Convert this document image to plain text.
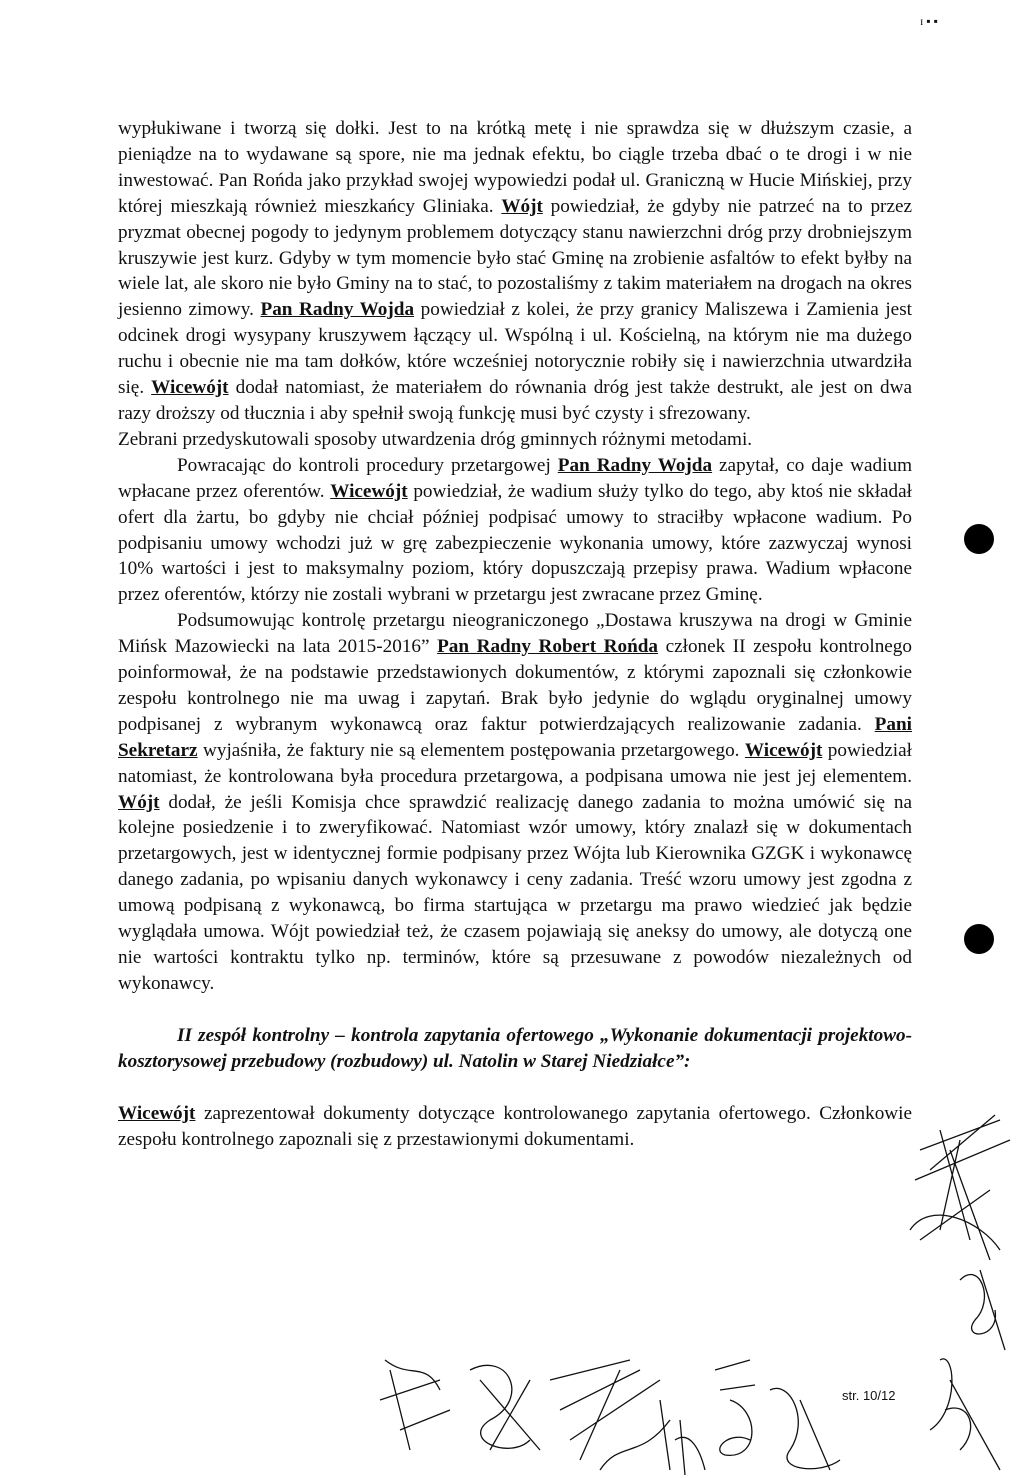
ɪ ▪ ▪

wypłukiwane i tworzą się dołki. Jest to na krótką metę i nie sprawdza się w dłuższym czasie, a pieniądze na to wydawane są spore, nie ma jednak efektu, bo ciągle trzeba dbać o te drogi i w nie inwestować. Pan Rońda jako przykład swojej wypowiedzi podał ul. Graniczną w Hucie Mińskiej, przy której mieszkają również mieszkańcy Gliniaka. Wójt powiedział, że gdyby nie patrzeć na to przez pryzmat obecnej pogody to jedynym problemem dotyczący stanu nawierzchni dróg przy drobniejszym kruszywie jest kurz. Gdyby w tym momencie było stać Gminę na zrobienie asfaltów to efekt byłby na wiele lat, ale skoro nie było Gminy na to stać, to pozostaliśmy z takim materiałem na drogach na okres jesienno zimowy. Pan Radny Wojda powiedział z kolei, że przy granicy Maliszewa i Zamienia jest odcinek drogi wysypany kruszywem łączący ul. Wspólną i ul. Kościelną, na którym nie ma dużego ruchu i obecnie nie ma tam dołków, które wcześniej notorycznie robiły się i nawierzchnia utwardziła się. Wicewójt dodał natomiast, że materiałem do równania dróg jest także destrukt, ale jest on dwa razy droższy od tłucznia i aby spełnił swoją funkcję musi być czysty i sfrezowany.

Zebrani przedyskutowali sposoby utwardzenia dróg gminnych różnymi metodami.

Powracając do kontroli procedury przetargowej Pan Radny Wojda zapytał, co daje wadium wpłacane przez oferentów. Wicewójt powiedział, że wadium służy tylko do tego, aby ktoś nie składał ofert dla żartu, bo gdyby nie chciał później podpisać umowy to straciłby wpłacone wadium. Po podpisaniu umowy wchodzi już w grę zabezpieczenie wykonania umowy, które zazwyczaj wynosi 10% wartości i jest to maksymalny poziom, który dopuszczają przepisy prawa. Wadium wpłacone przez oferentów, którzy nie zostali wybrani w przetargu jest zwracane przez Gminę.

Podsumowując kontrolę przetargu nieograniczonego „Dostawa kruszywa na drogi w Gminie Mińsk Mazowiecki na lata 2015-2016” Pan Radny Robert Rońda członek II zespołu kontrolnego poinformował, że na podstawie przedstawionych dokumentów, z którymi zapoznali się członkowie zespołu kontrolnego nie ma uwag i zapytań. Brak było jedynie do wglądu oryginalnej umowy podpisanej z wybranym wykonawcą oraz faktur potwierdzających realizowanie zadania. Pani Sekretarz wyjaśniła, że faktury nie są elementem postępowania przetargowego. Wicewójt powiedział natomiast, że kontrolowana była procedura przetargowa, a podpisana umowa nie jest jej elementem. Wójt dodał, że jeśli Komisja chce sprawdzić realizację danego zadania to można umówić się na kolejne posiedzenie i to zweryfikować. Natomiast wzór umowy, który znalazł się w dokumentach przetargowych, jest w identycznej formie podpisany przez Wójta lub Kierownika GZGK i wykonawcę danego zadania, po wpisaniu danych wykonawcy i ceny zadania. Treść wzoru umowy jest zgodna z umową podpisaną z wykonawcą, bo firma startująca w przetargu ma prawo wiedzieć jak będzie wyglądała umowa. Wójt powiedział też, że czasem pojawiają się aneksy do umowy, ale dotyczą one nie wartości kontraktu tylko np. terminów, które są przesuwane z powodów niezależnych od wykonawcy.

II zespół kontrolny – kontrola zapytania ofertowego „Wykonanie dokumentacji projektowo-kosztorysowej przebudowy (rozbudowy) ul. Natolin w Starej Niedziałce”:

Wicewójt zaprezentował dokumenty dotyczące kontrolowanego zapytania ofertowego. Członkowie zespołu kontrolnego zapoznali się z przestawionymi dokumentami.

str. 10/12
